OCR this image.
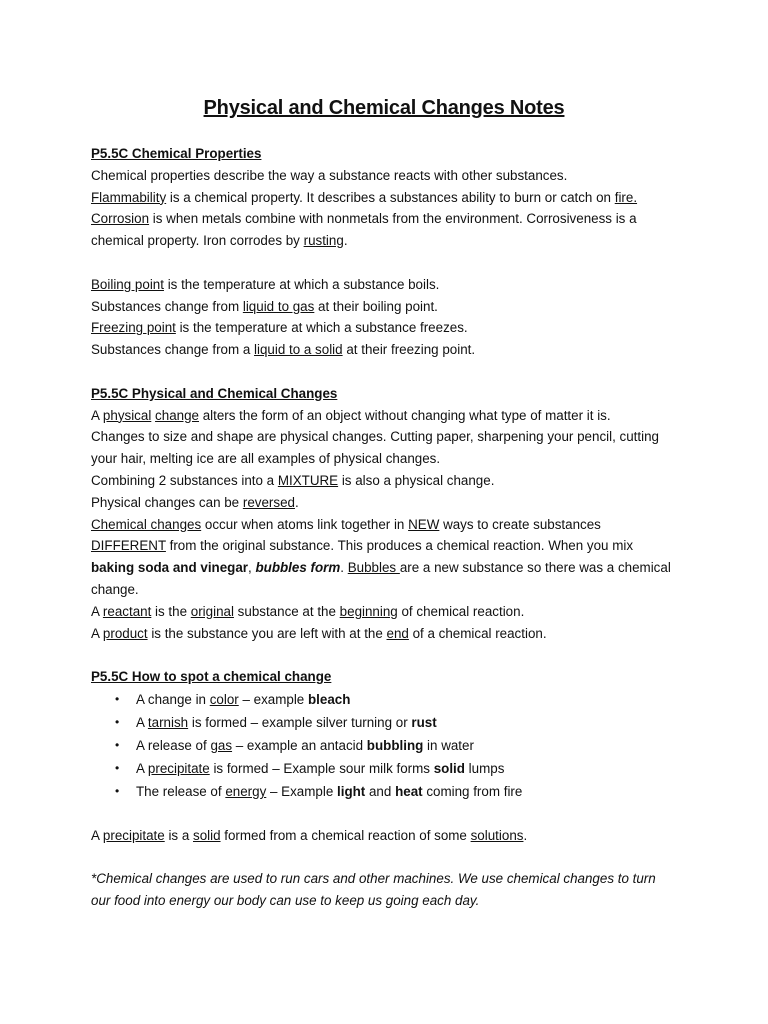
Physical and Chemical Changes Notes
P5.5C Chemical Properties
Chemical properties describe the way a substance reacts with other substances.
Flammability is a chemical property. It describes a substances ability to burn or catch on fire.
Corrosion is when metals combine with nonmetals from the environment. Corrosiveness is a
chemical property. Iron corrodes by rusting.
Boiling point is the temperature at which a substance boils.
Substances change from liquid to gas at their boiling point.
Freezing point is the temperature at which a substance freezes.
Substances change from a liquid to a solid at their freezing point.
P5.5C Physical and Chemical Changes
A physical change alters the form of an object without changing what type of matter it is.
Changes to size and shape are physical changes. Cutting paper, sharpening your pencil, cutting
your hair, melting ice are all examples of physical changes.
Combining 2 substances into a MIXTURE is also a physical change.
Physical changes can be reversed.
Chemical changes occur when atoms link together in NEW ways to create substances
DIFFERENT from the original substance. This produces a chemical reaction. When you mix
baking soda and vinegar, bubbles form. Bubbles are a new substance so there was a chemical
change.
A reactant is the original substance at the beginning of chemical reaction.
A product is the substance you are left with at the end of a chemical reaction.
P5.5C How to spot a chemical change
• A change in color – example bleach
• A tarnish is formed – example silver turning or rust
• A release of gas – example an antacid bubbling in water
• A precipitate is formed – Example sour milk forms solid lumps
• The release of energy – Example light and heat coming from fire
A precipitate is a solid formed from a chemical reaction of some solutions.
*Chemical changes are used to run cars and other machines. We use chemical changes to turn
our food into energy our body can use to keep us going each day.
